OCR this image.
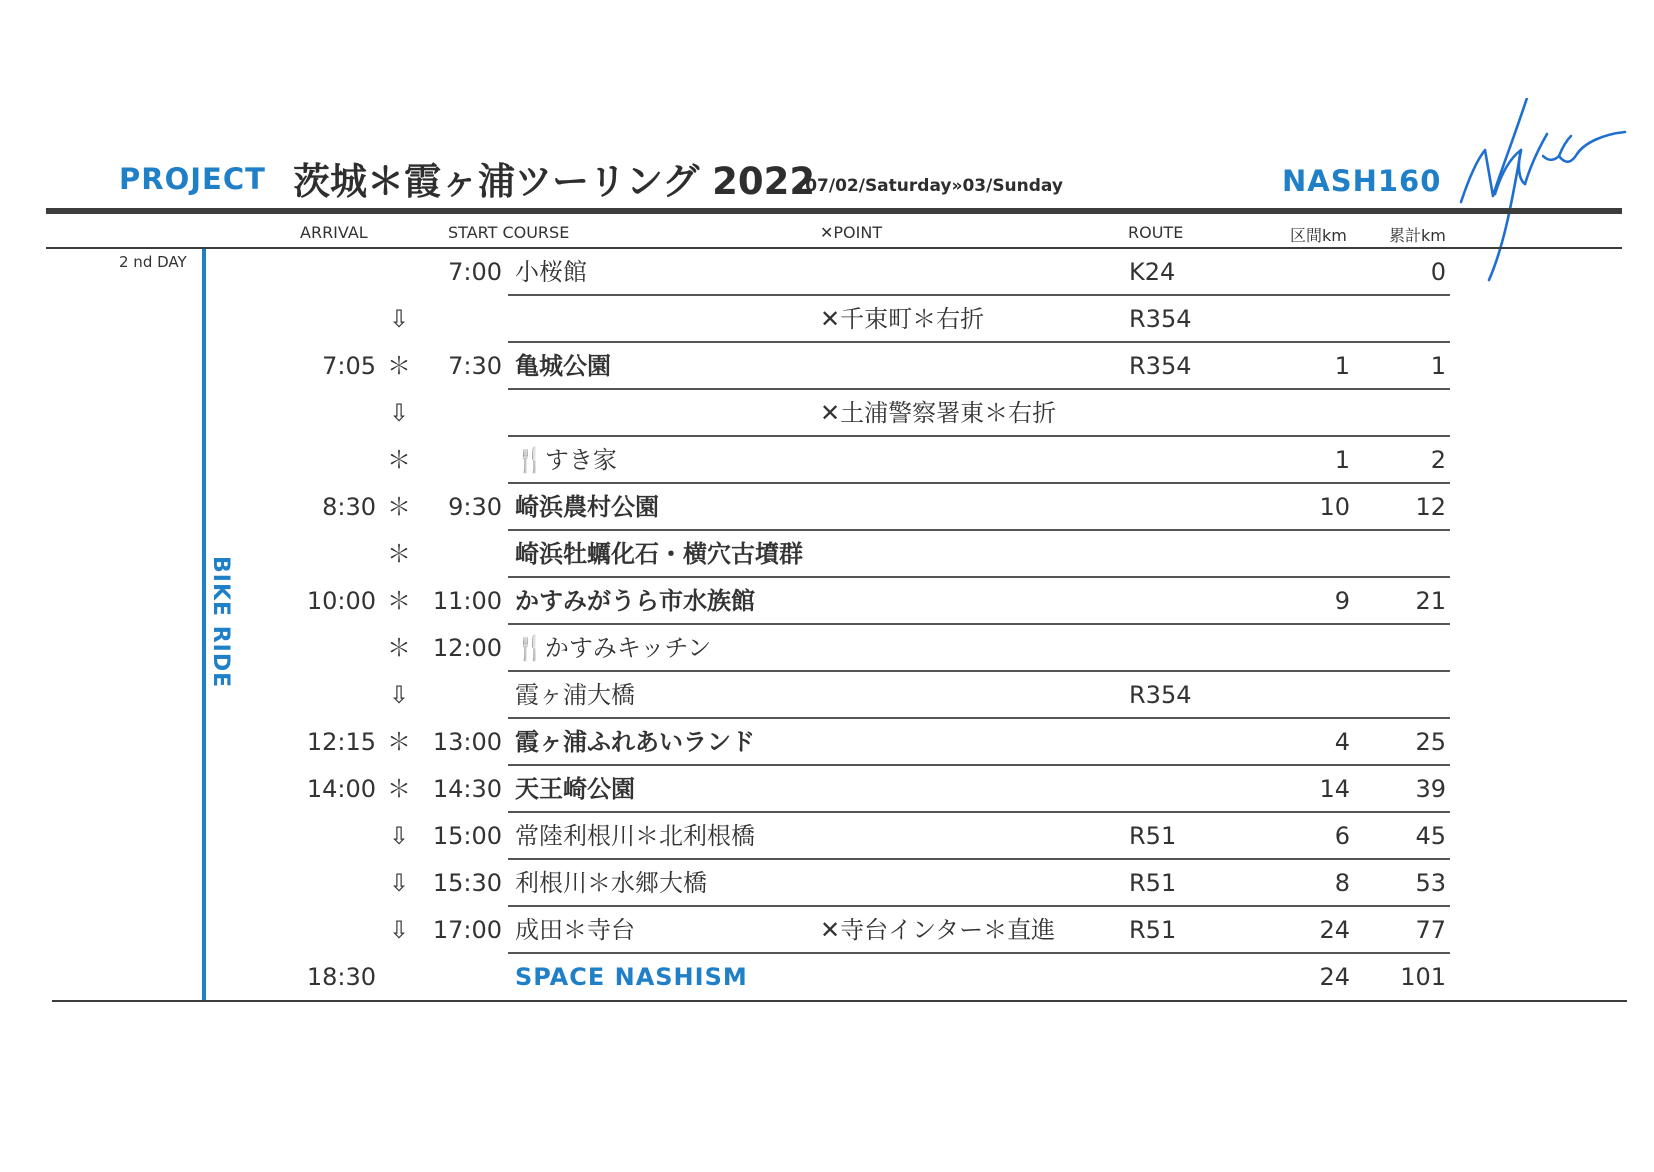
PROJECT 茨城＊霞ヶ浦ツーリング 2022
/07/02/Saturday»03/Sunday	NASH160
ARRIVAL	START COURSE	✕POINT	ROUTE	区間km	累計km
2 nd DAY
BIKE RIDE
7:00 小桜館	K24	0
⇩	✕千束町＊右折	R354
7:05 ＊ 7:30 亀城公園	R354	1	1
⇩	✕土浦警察署東＊右折
＊	🍴すき家	1	2
8:30 ＊ 9:30 崎浜農村公園	10	12
＊	崎浜牡蠣化石・横穴古墳群
10:00 ＊ 11:00 かすみがうら市水族館	9	21
＊ 12:00 🍴かすみキッチン
⇩	霞ヶ浦大橋	R354
12:15 ＊ 13:00 霞ヶ浦ふれあいランド	4	25
14:00 ＊ 14:30 天王崎公園	14	39
⇩ 15:00 常陸利根川＊北利根橋	R51	6	45
⇩ 15:30 利根川＊水郷大橋	R51	8	53
⇩ 17:00 成田＊寺台	✕寺台インター＊直進	R51	24	77
18:30	SPACE NASHISM	24 101
